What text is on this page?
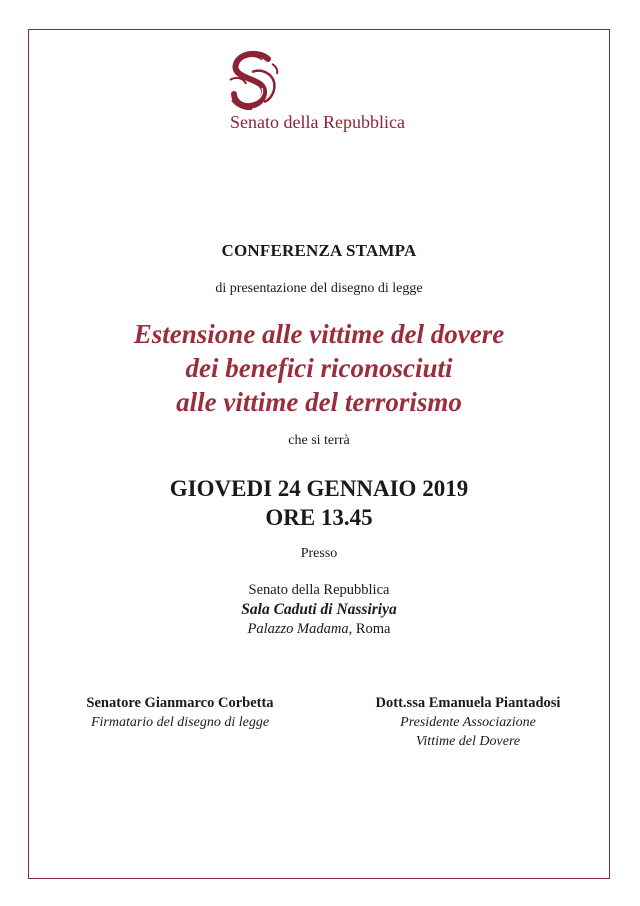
Senato della Repubblica
CONFERENZA STAMPA
di presentazione del disegno di legge
Estensione alle vittime del dovere
dei benefici riconosciuti
alle vittime del terrorismo
che si terrà
GIOVEDI 24 GENNAIO 2019
ORE 13.45
Presso
Senato della Repubblica
Sala Caduti di Nassiriya
Palazzo Madama, Roma
Senatore Gianmarco Corbetta
Firmatario del disegno di legge
Dott.ssa Emanuela Piantadosi
Presidente Associazione
Vittime del Dovere
